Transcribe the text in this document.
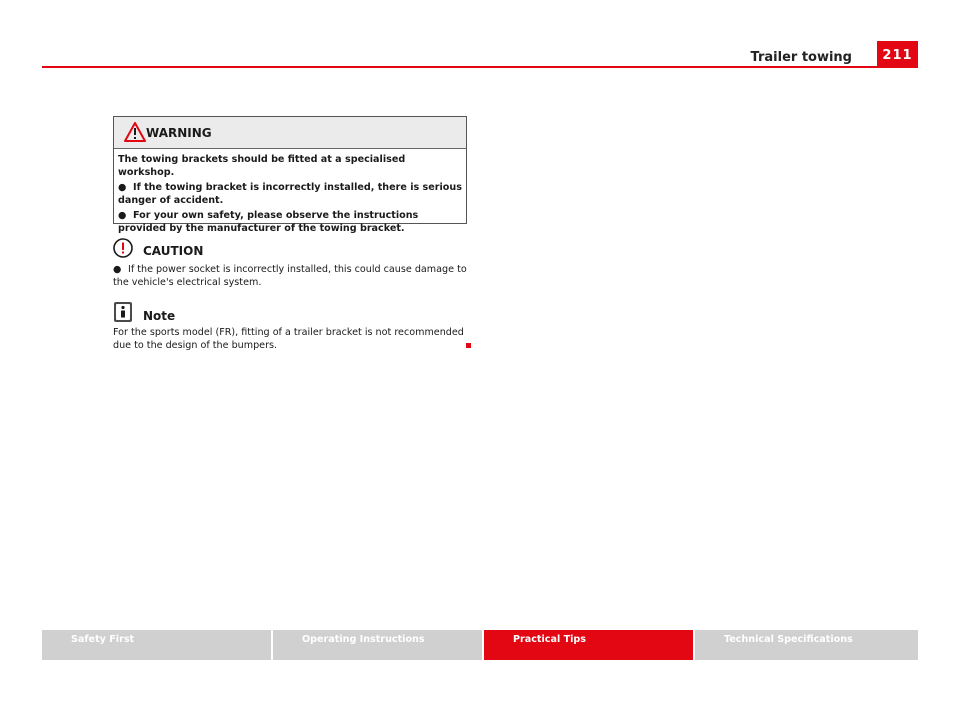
Trailer towing	211
WARNING

The towing brackets should be fitted at a specialised workshop.

● If the towing bracket is incorrectly installed, there is serious danger of accident.

● For your own safety, please observe the instructions provided by the manufacturer of the towing bracket.

CAUTION

● If the power socket is incorrectly installed, this could cause damage to the vehicle's electrical system.

Note

For the sports model (FR), fitting of a trailer bracket is not recommended due to the design of the bumpers.

Safety First	Operating Instructions	Practical Tips	Technical Specifications
